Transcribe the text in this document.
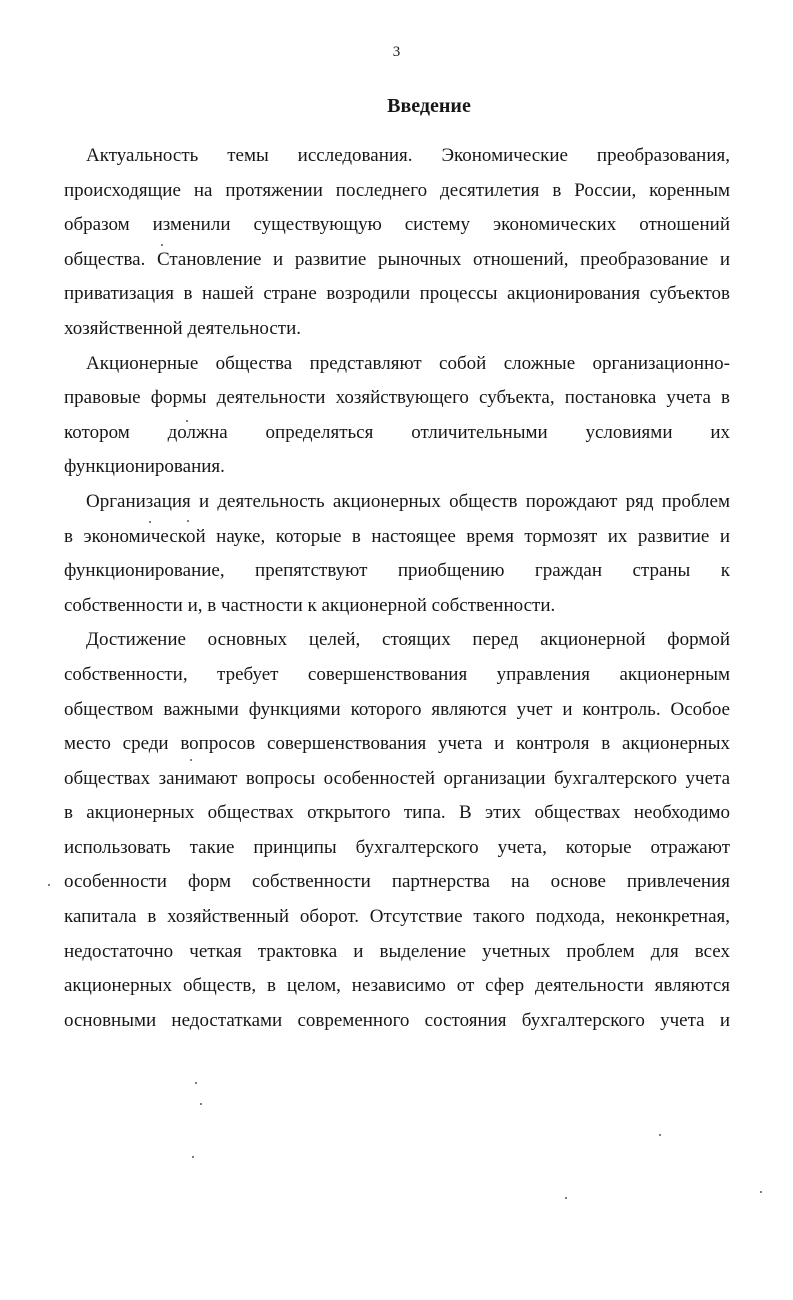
3
Введение
Актуальность темы исследования. Экономические преобразования,
происходящие на протяжении последнего десятилетия в России, коренным
образом изменили существующую систему экономических отношений
общества. Становление и развитие рыночных отношений, преобразование и
приватизация в нашей стране возродили процессы акционирования субъектов
хозяйственной деятельности.
Акционерные общества представляют собой сложные организационно-
правовые формы деятельности хозяйствующего субъекта, постановка учета в
котором должна определяться отличительными условиями их
функционирования.
Организация и деятельность акционерных обществ порождают ряд проблем
в экономической науке, которые в настоящее время тормозят их развитие и
функционирование, препятствуют приобщению граждан страны к
собственности и, в частности к акционерной собственности.
Достижение основных целей, стоящих перед акционерной формой
собственности, требует совершенствования управления акционерным
обществом важными функциями которого являются учет и контроль. Особое
место среди вопросов совершенствования учета и контроля в акционерных
обществах занимают вопросы особенностей организации бухгалтерского учета
в акционерных обществах открытого типа. В этих обществах необходимо
использовать такие принципы бухгалтерского учета, которые отражают
особенности форм собственности партнерства на основе привлечения
капитала в хозяйственный оборот. Отсутствие такого подхода, неконкретная,
недостаточно четкая трактовка и выделение учетных проблем для всех
акционерных обществ, в целом, независимо от сфер деятельности являются
основными недостатками современного состояния бухгалтерского учета и
